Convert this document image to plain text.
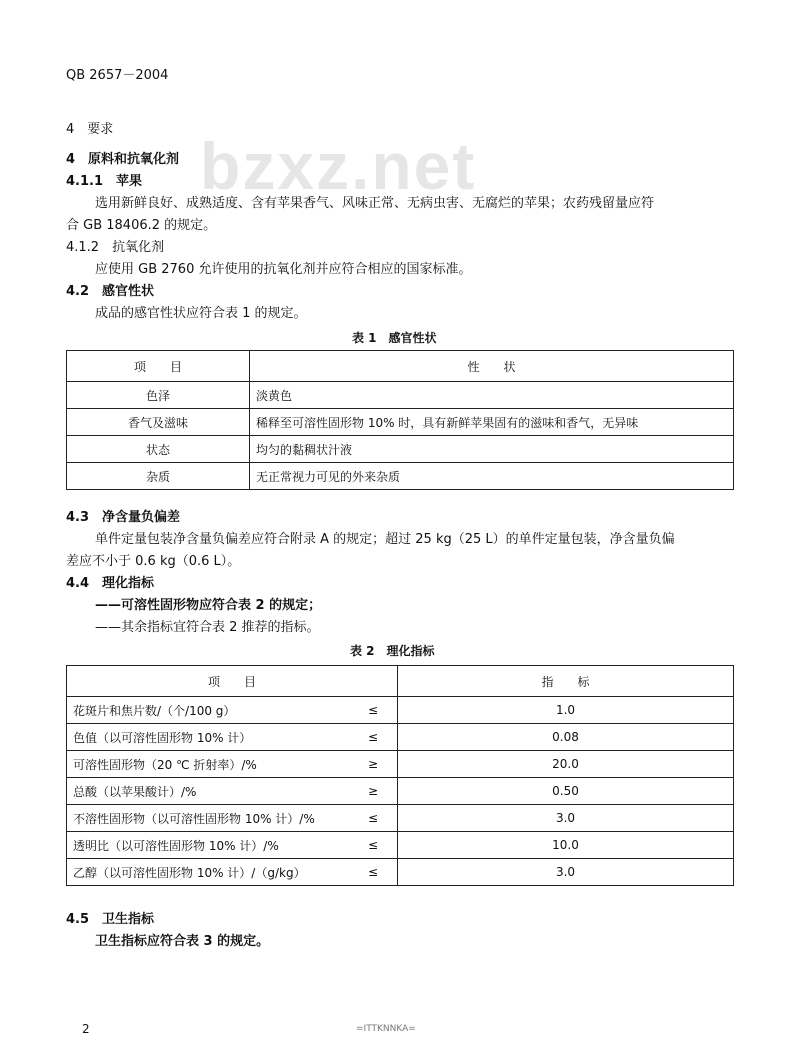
bzxz.net
QB 2657－2004
4　要求
4　原料和抗氧化剂
4.1.1　苹果
选用新鲜良好、成熟适度、含有苹果香气、风味正常、无病虫害、无腐烂的苹果；农药残留量应符
合 GB 18406.2 的规定。
4.1.2　抗氧化剂
应使用 GB 2760 允许使用的抗氧化剂并应符合相应的国家标准。
4.2　感官性状
成品的感官性状应符合表 1 的规定。
表 1　感官性状
项　　目	性　　状
色泽	淡黄色
香气及滋味	稀释至可溶性固形物 10% 时，具有新鲜苹果固有的滋味和香气，无异味
状态	均匀的黏稠状汁液
杂质	无正常视力可见的外来杂质
4.3　净含量负偏差
单件定量包装净含量负偏差应符合附录 A 的规定；超过 25 kg（25 L）的单件定量包装，净含量负偏
差应不小于 0.6 kg（0.6 L）。
4.4　理化指标
——可溶性固形物应符合表 2 的规定；
——其余指标宜符合表 2 推荐的指标。
表 2　理化指标
项　　目		指　　标
花斑片和焦片数/（个/100 g）	≤	1.0
色值（以可溶性固形物 10% 计）	≤	0.08
可溶性固形物（20 ℃ 折射率）/%	≥	20.0
总酸（以苹果酸计）/%	≥	0.50
不溶性固形物（以可溶性固形物 10% 计）/%	≤	3.0
透明比（以可溶性固形物 10% 计）/%	≤	10.0
乙醇（以可溶性固形物 10% 计）/（g/kg）	≤	3.0
4.5　卫生指标
卫生指标应符合表 3 的规定。
2	=ITTKNNKA=
